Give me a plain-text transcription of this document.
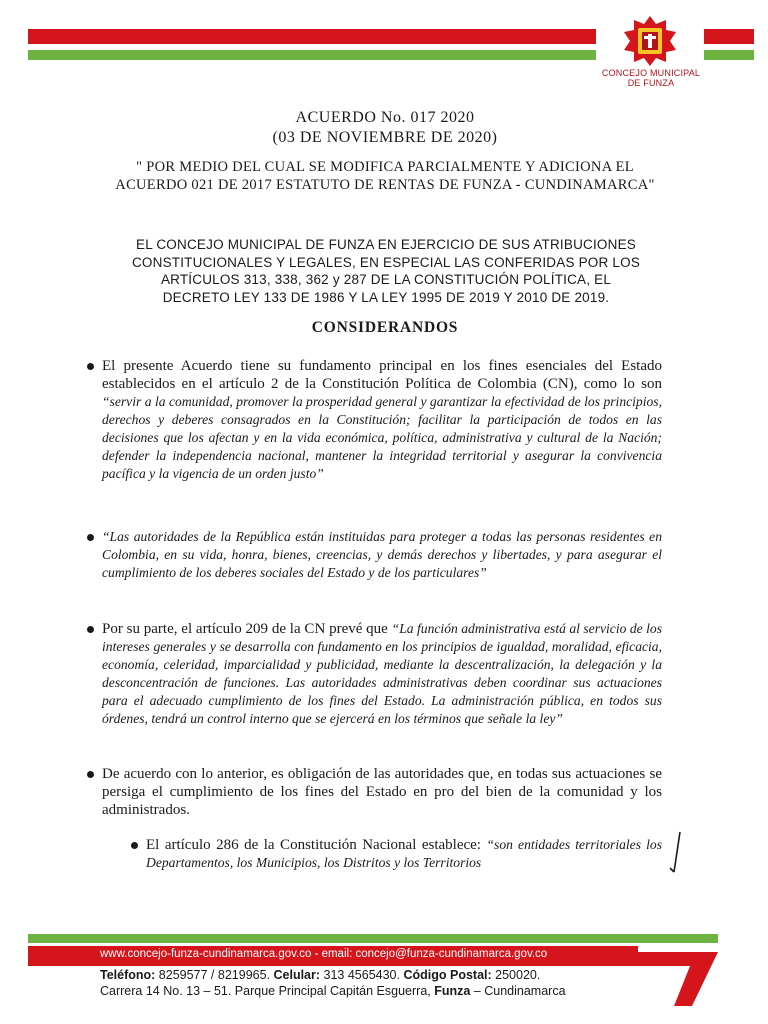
CONCEJO MUNICIPAL
DE FUNZA
ACUERDO No. 017 2020
(03 DE NOVIEMBRE DE 2020)
" POR MEDIO DEL CUAL SE MODIFICA PARCIALMENTE Y ADICIONA EL
ACUERDO 021 DE 2017 ESTATUTO DE RENTAS DE FUNZA - CUNDINAMARCA"
EL CONCEJO MUNICIPAL DE FUNZA EN EJERCICIO DE SUS ATRIBUCIONES
CONSTITUCIONALES Y LEGALES, EN ESPECIAL LAS CONFERIDAS POR LOS
ARTÍCULOS 313, 338, 362 y 287 DE LA CONSTITUCIÓN POLÍTICA, EL
DECRETO LEY 133 DE 1986 Y LA LEY 1995 DE 2019 Y 2010 DE 2019.
CONSIDERANDOS
El presente Acuerdo tiene su fundamento principal en los fines esenciales del Estado establecidos en el artículo 2 de la Constitución Política de Colombia (CN), como lo son “servir a la comunidad, promover la prosperidad general y garantizar la efectividad de los principios, derechos y deberes consagrados en la Constitución; facilitar la participación de todos en las decisiones que los afectan y en la vida económica, política, administrativa y cultural de la Nación; defender la independencia nacional, mantener la integridad territorial y asegurar la convivencia pacífica y la vigencia de un orden justo”
“Las autoridades de la República están instituidas para proteger a todas las personas residentes en Colombia, en su vida, honra, bienes, creencias, y demás derechos y libertades, y para asegurar el cumplimiento de los deberes sociales del Estado y de los particulares”
Por su parte, el artículo 209 de la CN prevé que “La función administrativa está al servicio de los intereses generales y se desarrolla con fundamento en los principios de igualdad, moralidad, eficacia, economía, celeridad, imparcialidad y publicidad, mediante la descentralización, la delegación y la desconcentración de funciones. Las autoridades administrativas deben coordinar sus actuaciones para el adecuado cumplimiento de los fines del Estado. La administración pública, en todos sus órdenes, tendrá un control interno que se ejercerá en los términos que señale la ley”
De acuerdo con lo anterior, es obligación de las autoridades que, en todas sus actuaciones se persiga el cumplimiento de los fines del Estado en pro del bien de la comunidad y los administrados.
El artículo 286 de la Constitución Nacional establece: “son entidades territoriales los Departamentos, los Municipios, los Distritos y los Territorios
www.concejo-funza-cundinamarca.gov.co - email: concejo@funza-cundinamarca.gov.co
Teléfono: 8259577 / 8219965. Celular: 313 4565430. Código Postal: 250020.
Carrera 14 No. 13 – 51. Parque Principal Capitán Esguerra, Funza – Cundinamarca
